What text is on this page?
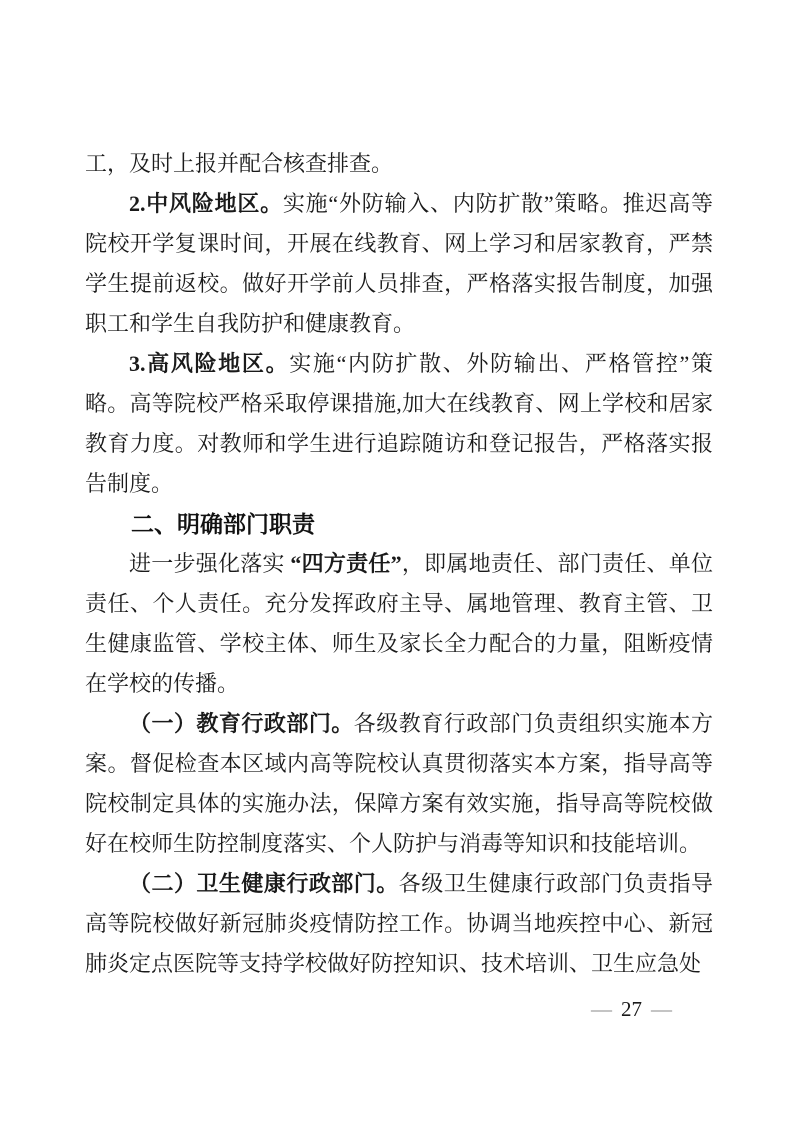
工，及时上报并配合核查排查。

2.中风险地区。实施“外防输入、内防扩散”策略。推迟高等院校开学复课时间，开展在线教育、网上学习和居家教育，严禁学生提前返校。做好开学前人员排查，严格落实报告制度，加强职工和学生自我防护和健康教育。

3.高风险地区。实施“内防扩散、外防输出、严格管控”策略。高等院校严格采取停课措施,加大在线教育、网上学校和居家教育力度。对教师和学生进行追踪随访和登记报告，严格落实报告制度。

二、明确部门职责

进一步强化落实 “四方责任”，即属地责任、部门责任、单位责任、个人责任。充分发挥政府主导、属地管理、教育主管、卫生健康监管、学校主体、师生及家长全力配合的力量，阻断疫情在学校的传播。

（一）教育行政部门。各级教育行政部门负责组织实施本方案。督促检查本区域内高等院校认真贯彻落实本方案，指导高等院校制定具体的实施办法，保障方案有效实施，指导高等院校做好在校师生防控制度落实、个人防护与消毒等知识和技能培训。

（二）卫生健康行政部门。各级卫生健康行政部门负责指导高等院校做好新冠肺炎疫情防控工作。协调当地疾控中心、新冠肺炎定点医院等支持学校做好防控知识、技术培训、卫生应急处

— 27 —
